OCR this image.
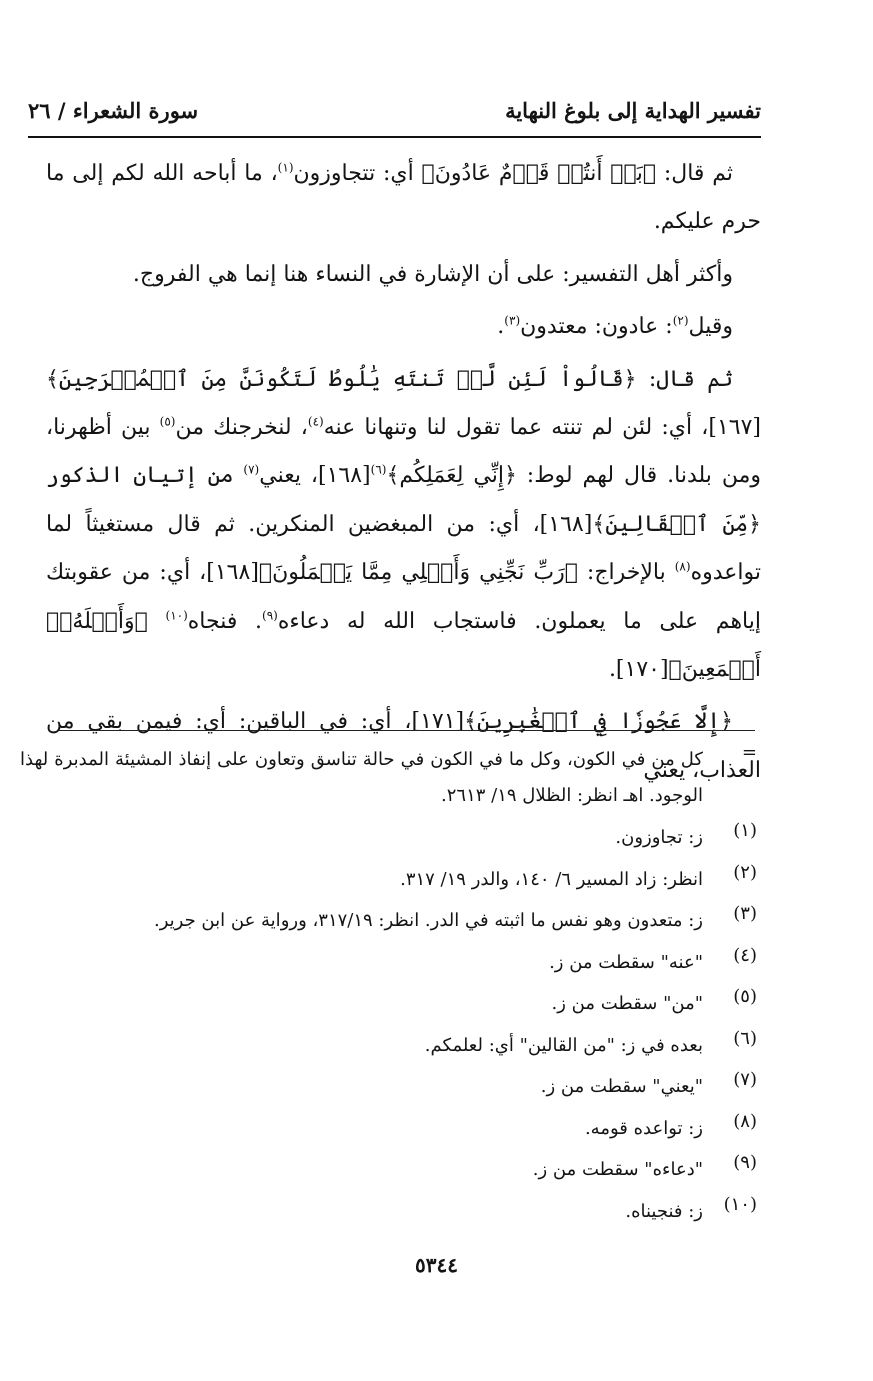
تفسير الهداية إلى بلوغ النهاية
سورة الشعراء / ٢٦

ثم قال: ﴿بَلۡ أَنتُمۡ قَوۡمٌ عَادُونَ﴾ أي: تتجاوزون$^{(١)}$، ما أباحه الله لكم إلى ما حرم عليكم.

وأكثر أهل التفسير: على أن الإشارة في النساء هنا إنما هي الفروج.

وقيل$^{(٢)}$: عادون: معتدون$^{(٣)}$.

ثم قال: ﴿قَالُواْ لَئِن لَّمۡ تَنتَهِ يَٰلُوطُ لَتَكُونَنَّ مِنَ ٱلۡمُخۡرَجِينَ﴾[١٦٧]، أي: لئن لم تنته عما تقول لنا وتنهانا عنه$^{(٤)}$، لنخرجنك من$^{(٥)}$ بين أظهرنا، ومن بلدنا. قال لهم لوط: ﴿إِنِّي لِعَمَلِكُم﴾$^{(٦)}$[١٦٨]، يعني$^{(٧)}$ من إتيان الذكور ﴿مِّنَ ٱلۡقَالِينَ﴾[١٦٨]، أي: من المبغضين المنكرين. ثم قال مستغيثاً لما تواعدوه$^{(٨)}$ بالإخراج: ﴿رَبِّ نَجِّنِي وَأَهۡلِي مِمَّا يَعۡمَلُونَ﴾[١٦٨]، أي: من عقوبتك إياهم على ما يعملون. فاستجاب الله له دعاءه$^{(٩)}$. فنجاه$^{(١٠)}$ ﴿وَأَهۡلَهُۥٓ أَجۡمَعِينَ﴾[١٧٠].

﴿إِلَّا عَجُوزٗا فِي ٱلۡغَٰبِرِينَ﴾[١٧١]، أي: في الباقين: أي: فيمن بقي من العذاب، يعني

=
كل من في الكون، وكل ما في الكون في حالة تناسق وتعاون على إنفاذ المشيئة المدبرة لهذا الوجود. اهـ انظر: الظلال ١٩/ ٢٦١٣.
(١)
ز: تجاوزون.
(٢)
انظر: زاد المسير ٦/ ١٤٠، والدر ١٩/ ٣١٧.
(٣)
ز: متعدون وهو نفس ما اثبته في الدر. انظر: ٣١٧/١٩، ورواية عن ابن جرير.
(٤)
"عنه" سقطت من ز.
(٥)
"من" سقطت من ز.
(٦)
بعده في ز: "من القالين" أي: لعلمكم.
(٧)
"يعني" سقطت من ز.
(٨)
ز: تواعده قومه.
(٩)
"دعاءه" سقطت من ز.
(١٠)
ز: فنجيناه.
٥٣٤٤
